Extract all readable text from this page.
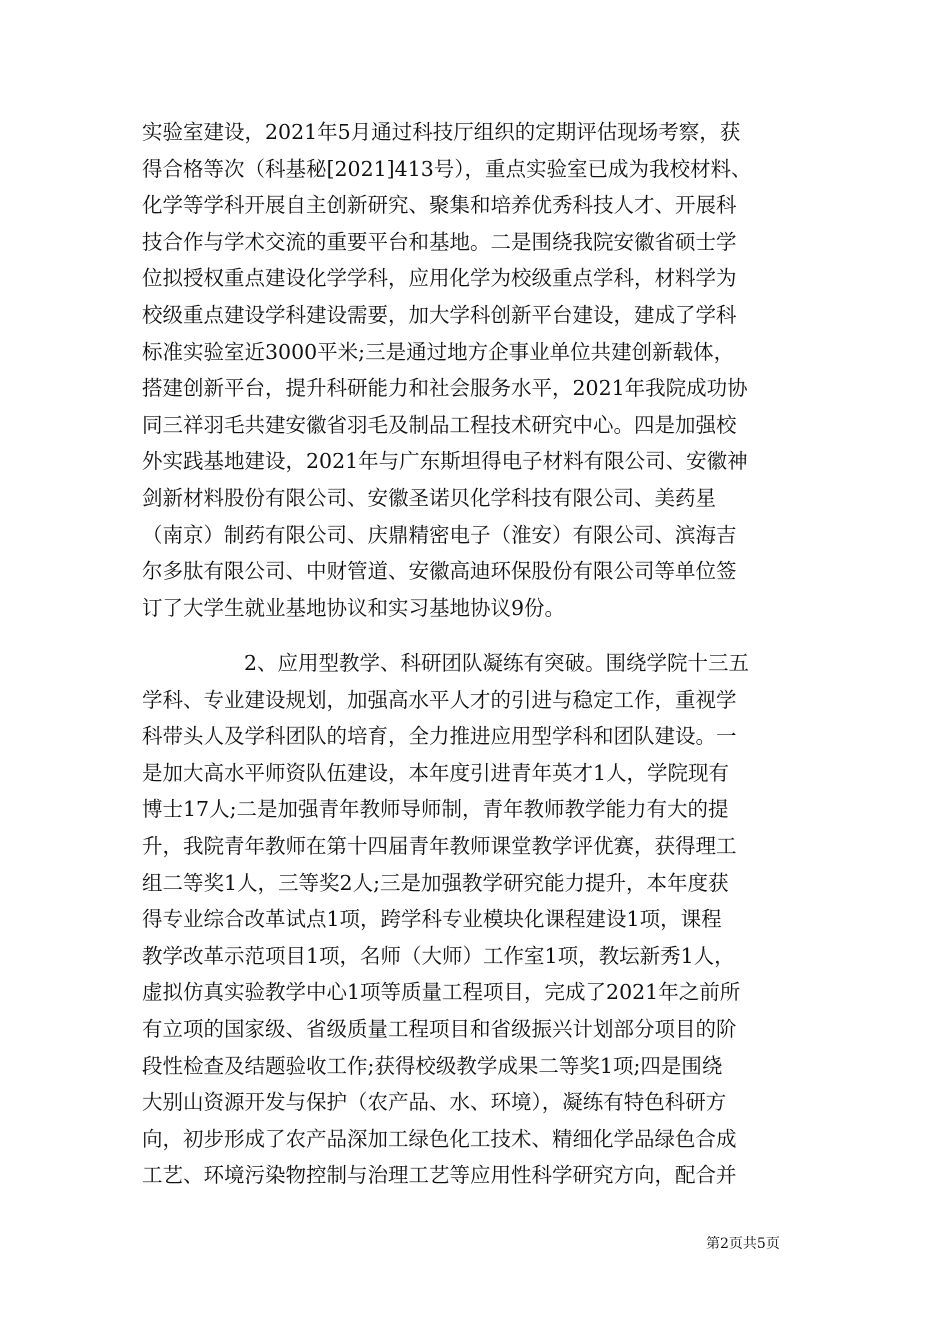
实验室建设，2021年5月通过科技厅组织的定期评估现场考察，获
得合格等次（科基秘[2021]413号），重点实验室已成为我校材料、
化学等学科开展自主创新研究、聚集和培养优秀科技人才、开展科
技合作与学术交流的重要平台和基地。二是围绕我院安徽省硕士学
位拟授权重点建设化学学科，应用化学为校级重点学科，材料学为
校级重点建设学科建设需要，加大学科创新平台建设，建成了学科
标准实验室近3000平米;三是通过地方企事业单位共建创新载体，
搭建创新平台，提升科研能力和社会服务水平，2021年我院成功协
同三祥羽毛共建安徽省羽毛及制品工程技术研究中心。四是加强校
外实践基地建设，2021年与广东斯坦得电子材料有限公司、安徽神
剑新材料股份有限公司、安徽圣诺贝化学科技有限公司、美药星
（南京）制药有限公司、庆鼎精密电子（淮安）有限公司、滨海吉
尔多肽有限公司、中财管道、安徽高迪环保股份有限公司等单位签
订了大学生就业基地协议和实习基地协议9份。
2、应用型教学、科研团队凝练有突破。围绕学院十三五
学科、专业建设规划，加强高水平人才的引进与稳定工作，重视学
科带头人及学科团队的培育，全力推进应用型学科和团队建设。一
是加大高水平师资队伍建设，本年度引进青年英才1人，学院现有
博士17人;二是加强青年教师导师制，青年教师教学能力有大的提
升，我院青年教师在第十四届青年教师课堂教学评优赛，获得理工
组二等奖1人，三等奖2人;三是加强教学研究能力提升，本年度获
得专业综合改革试点1项，跨学科专业模块化课程建设1项，课程
教学改革示范项目1项，名师（大师）工作室1项，教坛新秀1人，
虚拟仿真实验教学中心1项等质量工程项目，完成了2021年之前所
有立项的国家级、省级质量工程项目和省级振兴计划部分项目的阶
段性检查及结题验收工作;获得校级教学成果二等奖1项;四是围绕
大别山资源开发与保护（农产品、水、环境），凝练有特色科研方
向，初步形成了农产品深加工绿色化工技术、精细化学品绿色合成
工艺、环境污染物控制与治理工艺等应用性科学研究方向，配合并
第2页共5页
